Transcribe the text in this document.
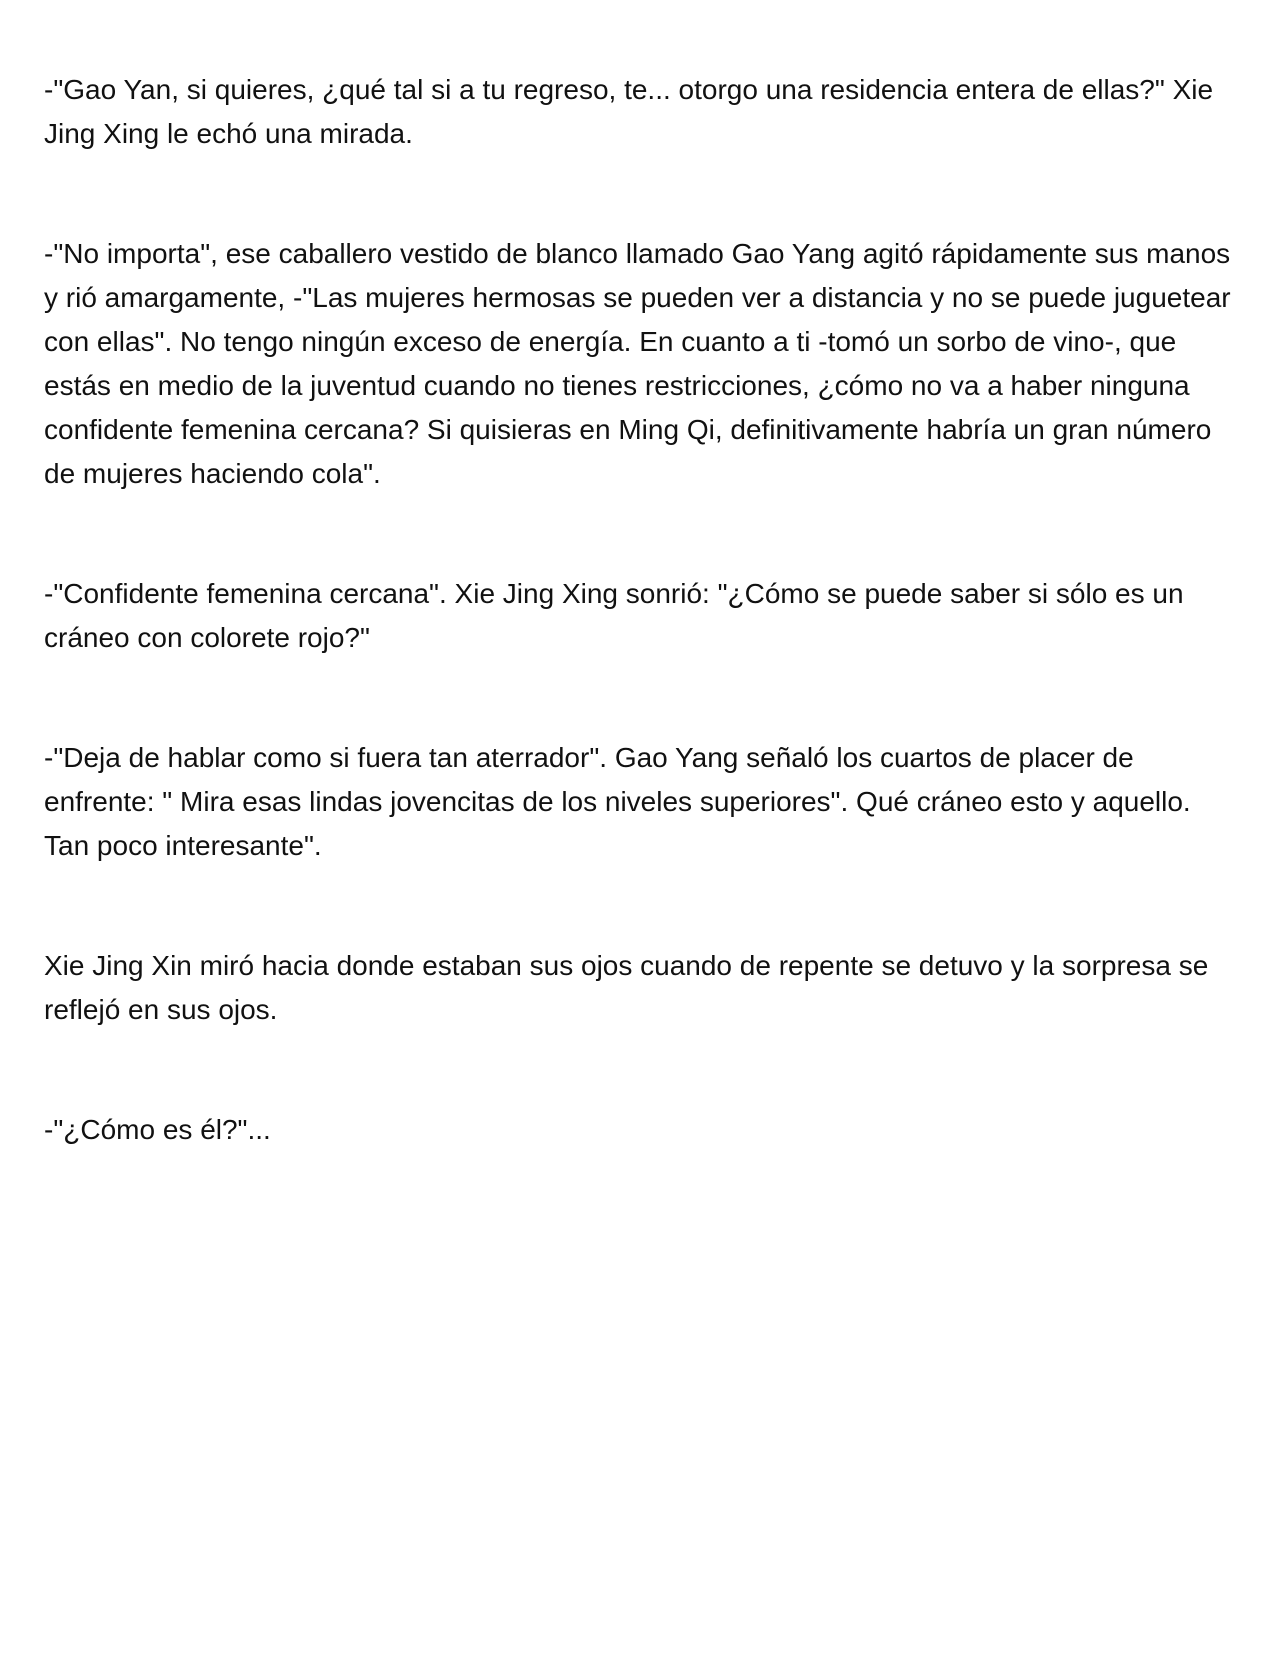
-"Gao Yan, si quieres, ¿qué tal si a tu regreso, te... otorgo una residencia entera de ellas?" Xie Jing Xing le echó una mirada.

-"No importa", ese caballero vestido de blanco llamado Gao Yang agitó rápidamente sus manos y rió amargamente, -"Las mujeres hermosas se pueden ver a distancia y no se puede juguetear con ellas". No tengo ningún exceso de energía. En cuanto a ti -tomó un sorbo de vino-, que estás en medio de la juventud cuando no tienes restricciones, ¿cómo no va a haber ninguna confidente femenina cercana? Si quisieras en Ming Qi, definitivamente habría un gran número de mujeres haciendo cola".

-"Confidente femenina cercana". Xie Jing Xing sonrió: "¿Cómo se puede saber si sólo es un cráneo con colorete rojo?"

-"Deja de hablar como si fuera tan aterrador". Gao Yang señaló los cuartos de placer de enfrente: " Mira esas lindas jovencitas de los niveles superiores". Qué cráneo esto y aquello. Tan poco interesante".

Xie Jing Xin miró hacia donde estaban sus ojos cuando de repente se detuvo y la sorpresa se reflejó en sus ojos.

-"¿Cómo es él?"...
